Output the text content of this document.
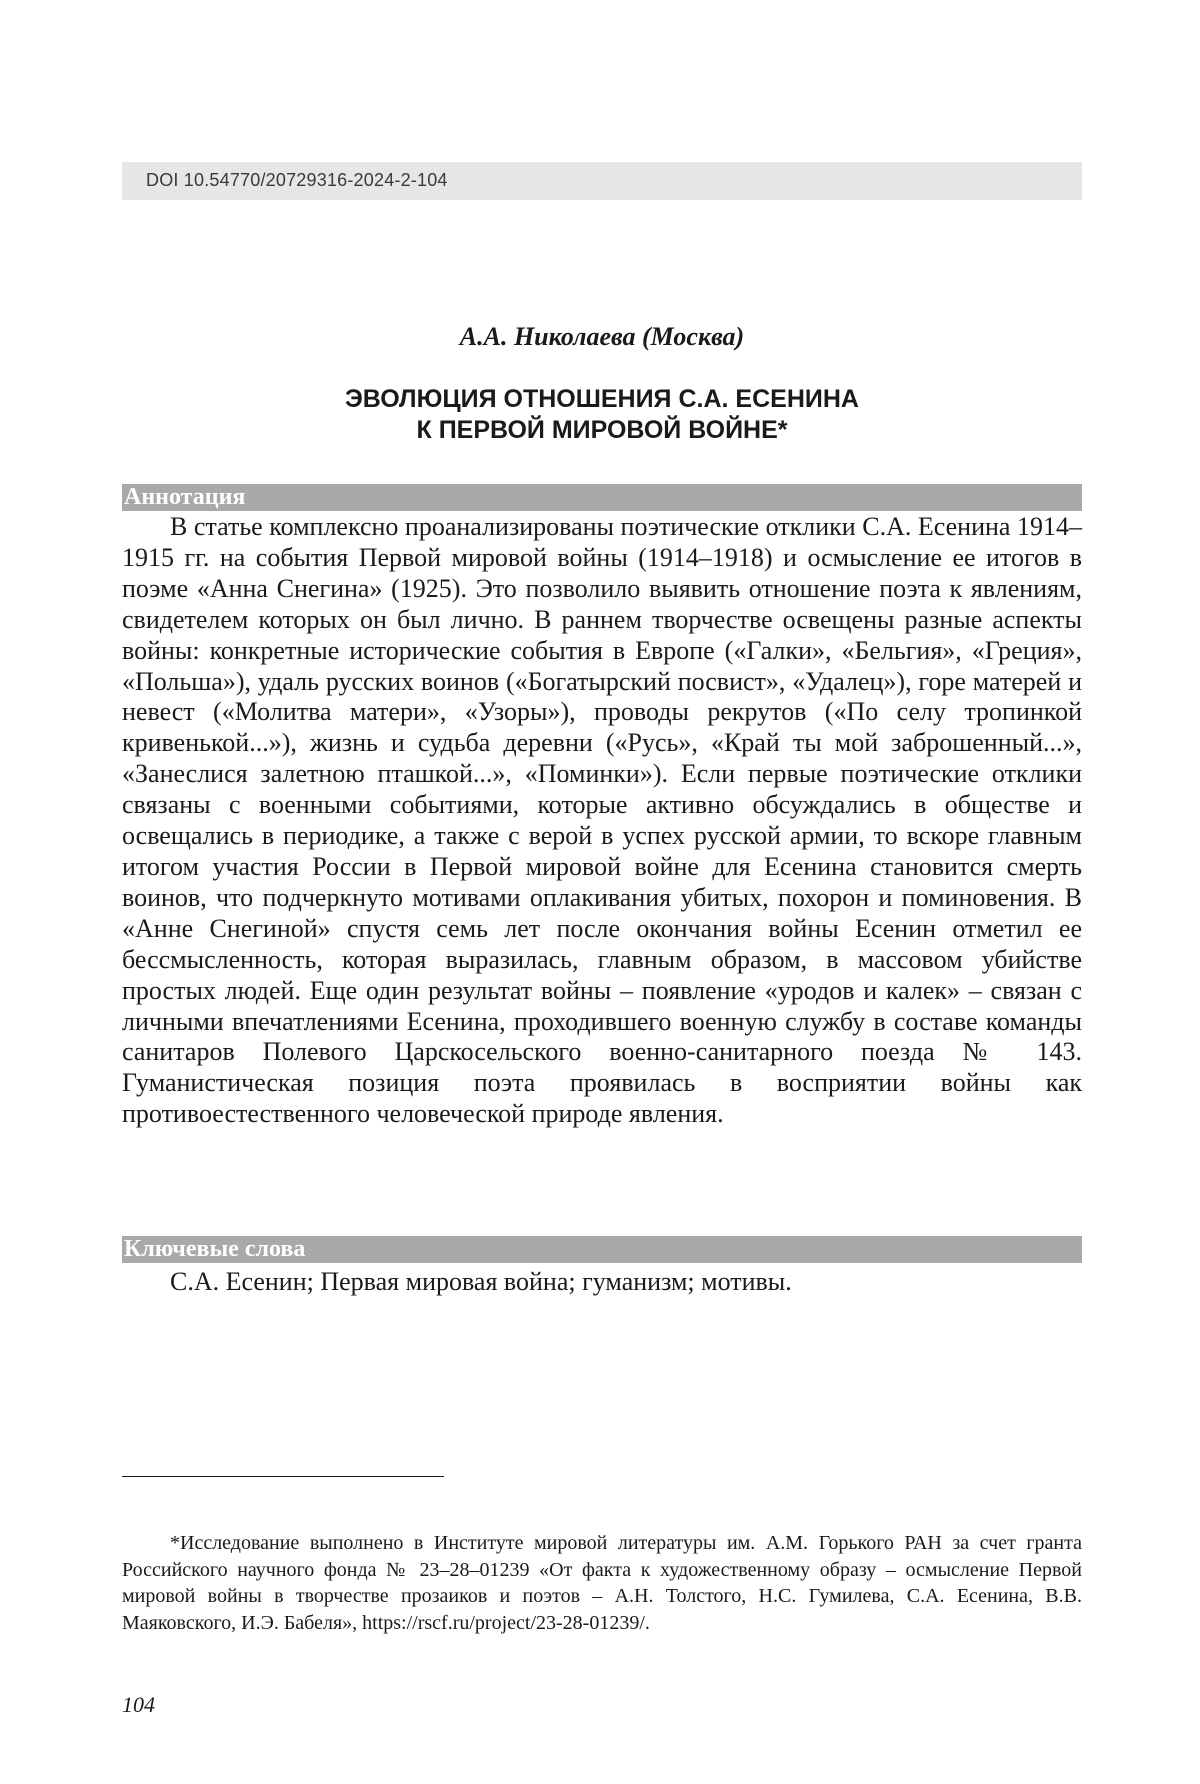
DOI 10.54770/20729316-2024-2-104
А.А. Николаева (Москва)
ЭВОЛЮЦИЯ ОТНОШЕНИЯ С.А. ЕСЕНИНА
К ПЕРВОЙ МИРОВОЙ ВОЙНЕ*
Аннотация

В статье комплексно проанализированы поэтические отклики С.А. Есенина 1914–1915 гг. на события Первой мировой войны (1914–1918) и осмысление ее итогов в поэме «Анна Снегина» (1925). Это позволило выявить отношение поэта к явлениям, свидетелем которых он был лично. В раннем творчестве освещены разные аспекты войны: конкретные исторические события в Европе («Галки», «Бельгия», «Греция», «Польша»), удаль русских воинов («Богатырский посвист», «Удалец»), горе матерей и невест («Молитва матери», «Узоры»), проводы рекрутов («По селу тропинкой кривенькой...»), жизнь и судьба деревни («Русь», «Край ты мой заброшенный...», «Занеслися залетною пташкой...», «Поминки»). Если первые поэтические отклики связаны с военными событиями, которые активно обсуждались в обществе и освещались в периодике, а также с верой в успех русской армии, то вскоре главным итогом участия России в Первой мировой войне для Есенина становится смерть воинов, что подчеркнуто мотивами оплакивания убитых, похорон и поминовения. В «Анне Снегиной» спустя семь лет после окончания войны Есенин отметил ее бессмысленность, которая выразилась, главным образом, в массовом убийстве простых людей. Еще один результат войны – появление «уродов и калек» – связан с личными впечатлениями Есенина, проходившего военную службу в составе команды санитаров Полевого Царскосельского военно-санитарного поезда № 143. Гуманистическая позиция поэта проявилась в восприятии войны как противоестественного человеческой природе явления.

Ключевые слова

С.А. Есенин; Первая мировая война; гуманизм; мотивы.

*Исследование выполнено в Институте мировой литературы им. А.М. Горького РАН за счет гранта Российского научного фонда № 23–28–01239 «От факта к художественному образу – осмысление Первой мировой войны в творчестве прозаиков и поэтов – А.Н. Толстого, Н.С. Гумилева, С.А. Есенина, В.В. Маяковского, И.Э. Бабеля», https://rscf.ru/project/23-28-01239/.

104
